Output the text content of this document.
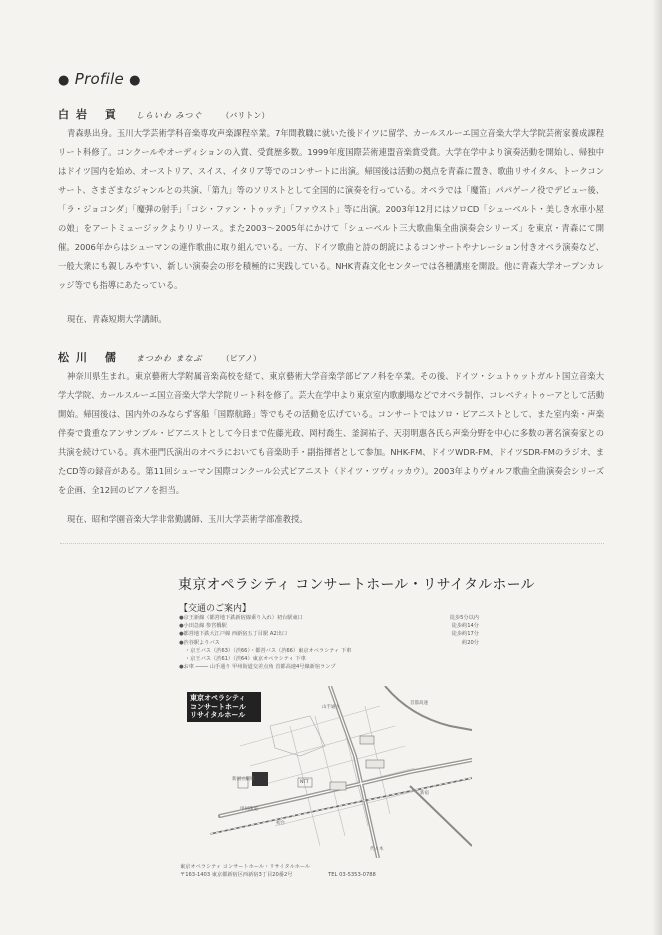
● Profile ●
白岩 貢 しらいわ みつぐ （バリトン）

青森県出身。玉川大学芸術学科音楽専攻声楽課程卒業。7年間教職に就いた後ドイツに留学、カールスルーエ国立音楽大学大学院芸術家養成課程リート科修了。コンクールやオーディションの入賞、受賞歴多数。1999年度国際芸術連盟音楽賞受賞。大学在学中より演奏活動を開始し、帰独中はドイツ国内を始め、オーストリア、スイス、イタリア等でのコンサートに出演。帰国後は活動の拠点を青森に置き、歌曲リサイタル、トークコンサート、さまざまなジャンルとの共演、「第九」等のソリストとして全国的に演奏を行っている。オペラでは「魔笛」パパゲーノ役でデビュー後、「ラ・ジョコンダ」「魔弾の射手」「コシ・ファン・トゥッテ」「ファウスト」等に出演。2003年12月にはソロCD「シューベルト・美しき水車小屋の娘」をアートミュージックよりリリース。また2003〜2005年にかけて「シューベルト三大歌曲集全曲演奏会シリーズ」を東京・青森にて開催。2006年からはシューマンの連作歌曲に取り組んでいる。一方、ドイツ歌曲と詩の朗読によるコンサートやナレーション付きオペラ演奏など、一般大衆にも親しみやすい、新しい演奏会の形を積極的に実践している。NHK青森文化センターでは各種講座を開設。他に青森大学オープンカレッジ等でも指導にあたっている。

現在、青森短期大学講師。

松川 儒 まつかわ まなぶ （ピアノ）

神奈川県生まれ。東京藝術大学附属音楽高校を経て、東京藝術大学音楽学部ピアノ科を卒業。その後、ドイツ・シュトゥットガルト国立音楽大学大学院、カールスルーエ国立音楽大学大学院リート科を修了。芸大在学中より東京室内歌劇場などでオペラ制作、コレペティトゥーアとして活動開始。帰国後は、国内外のみならず客船「国際航路」等でもその活動を広げている。コンサートではソロ・ピアニストとして、また室内楽・声楽伴奏で貴重なアンサンブル・ピアニストとして今日まで佐藤光政、岡村喬生、釜洞祐子、天羽明惠各氏ら声楽分野を中心に多数の著名演奏家との共演を続けている。真木亜門氏演出のオペラにおいても音楽助手・副指揮者として参加。NHK-FM、ドイツWDR-FM、ドイツSDR-FMのラジオ、またCD等の録音がある。第11回シューマン国際コンクール公式ピアニスト（ドイツ・ツヴィッカウ）。2003年よりヴォルフ歌曲全曲演奏会シリーズを企画、全12回のピアノを担当。

現在、昭和学園音楽大学非常勤講師、玉川大学芸術学部准教授。

東京オペラシティ コンサートホール・リサイタルホール
【交通のご案内】
●京王新線（都営地下鉄新宿線乗り入れ）初台駅東口	徒歩5分以内
●小田急線 参宮橋駅	徒歩約14分
●都営地下鉄大江戸線 西新宿五丁目駅 A2出口	徒歩約17分
●渋谷駅よりバス	約20分
・京王バス（渋63）（渋66）・都営バス（渋66）東京オペラシティ 下車
・京王バス（渋61）（渋64）東京オペラシティ 下車
●お車 ──── 山手通り 甲州街道交差点角 首都高速4号線新宿ランプ
東京オペラシティ
コンサートホール
リサイタルホール
首都高速
甲州街道
山手通り
初台
新宿
代々木
NTT
新国立劇場
東京オペラシティ コンサートホール・リサイタルホール
〒163-1403 東京都新宿区西新宿3丁目20番2号	TEL 03-5353-0788
